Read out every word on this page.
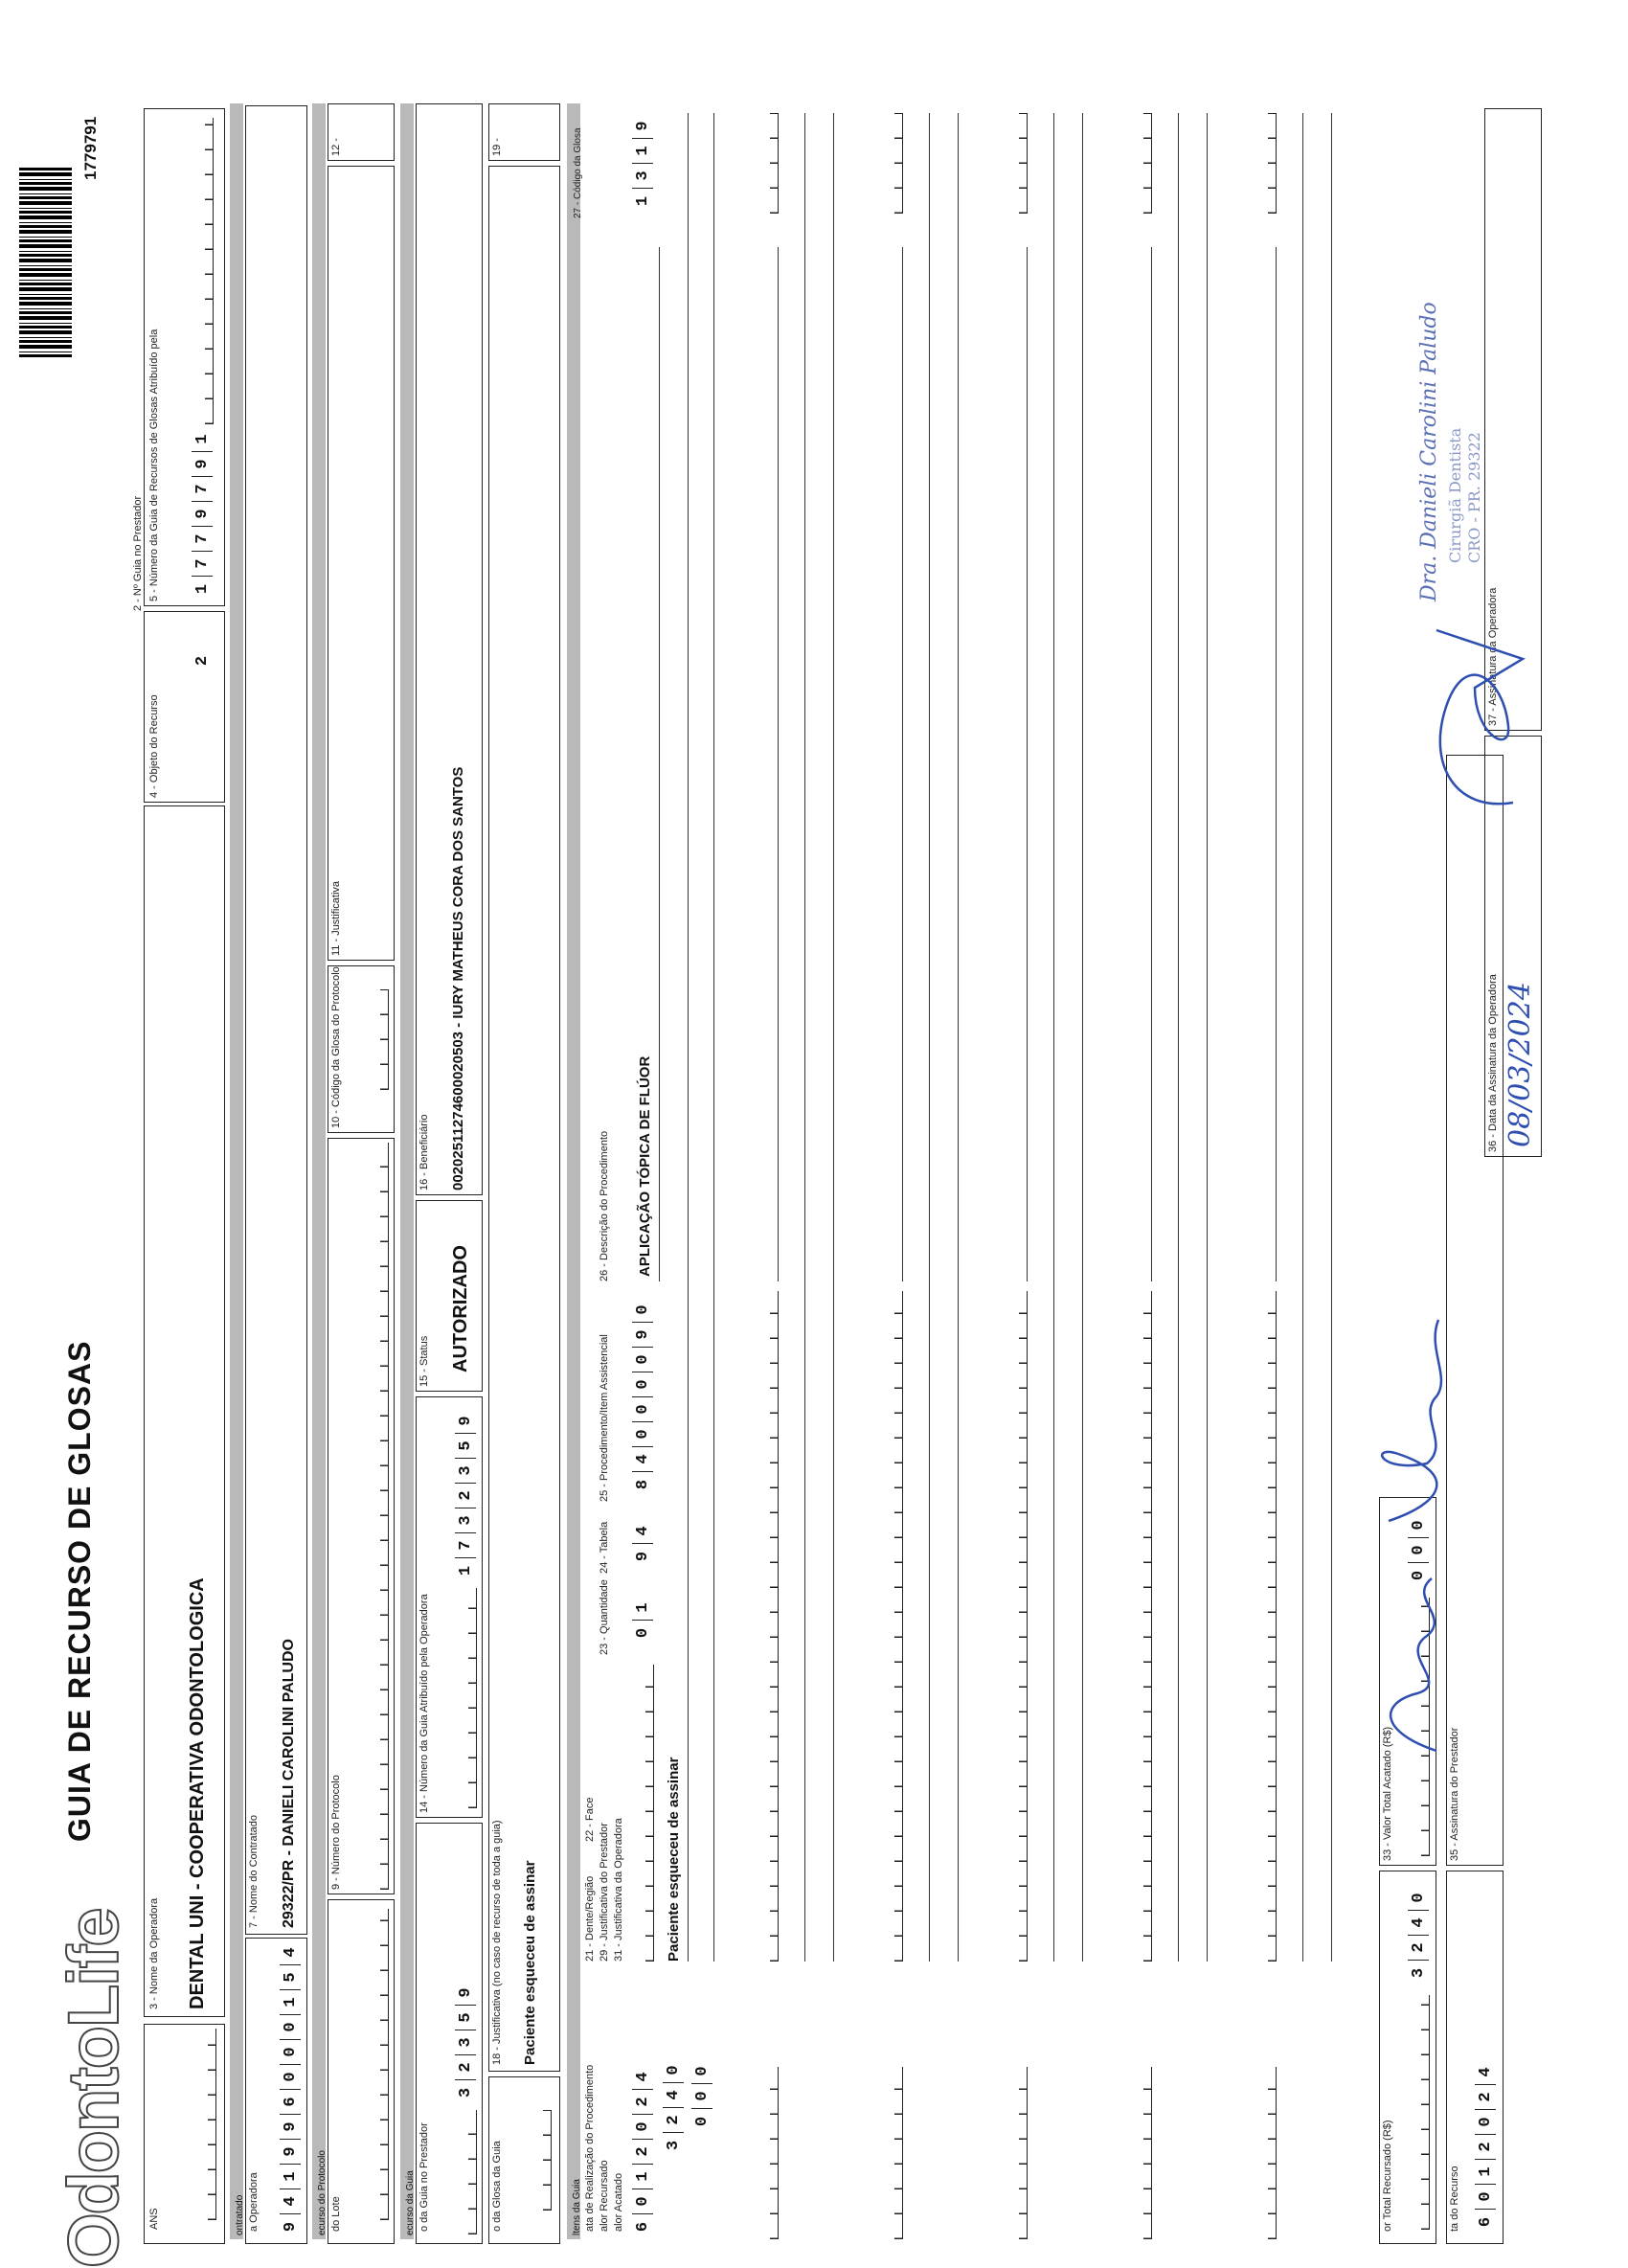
OdontoLife
GUIA DE RECURSO DE GLOSAS
1779791
2 - Nº Guia no Prestador
ANS
3 - Nome da Operadora DENTAL UNI - COOPERATIVA ODONTOLOGICA
4 - Objeto do Recurso
2
5 - Número da Guia de Recursos de Glosas Atribuído pela 1
7
7
9
7
9
1
ontratado a Operadora 9
4
1
9
9
6
0
0
0
1
5
4
7 - Nome do Contratado 29322/PR - DANIELI CAROLINI PALUDO
ecurso do Protocolo do Lote
9 - Número do Protocolo
10 - Código da Glosa do Protocolo
11 - Justificativa
12 -
ecurso da Guia o da Guia no Prestador
3
2
3
5
9
14 - Número da Guia Atribuído pela Operadora
1
7
3
2
3
5
9
15 - Status AUTORIZADO
16 - Beneficiário 00202511274600020503 - IURY MATHEUS CORA DOS SANTOS
o da Glosa da Guia
18 - Justificativa (no caso de recurso de toda a guia) Paciente esqueceu de assinar
19 -
ltens da Guia ata de Realização do Procedimento alor Recursado alor Acatado
21 - Dente/Região
22 - Face
29 - Justificativa do Prestador 31 - Justificativa da Operadora
23 - Quantidade
24 - Tabela
25 - Procedimento/Item Assistencial
26 - Descrição do Procedimento
27 - Código da Glosa
6
0
1
2
0
2
4
0
1
9
4
8
4
0
0
0
0
9
0
APLICAÇÃO TÓPICA DE FLÚOR
1
3
1
9
3
2
4
0
Paciente esqueceu de assinar
0
0
0
or Total Recursado (R$)
3
2
4
0
33 - Valor Total Acatado (R$)
0
0
0
ta do Recurso 6
0
1
2
0
2
4
35 - Assinatura do Prestador
36 - Data da Assinatura da Operadora 08/03/2024
37 - Assinatura da Operadora
Dra. Danieli Carolini Paludo Cirurgiã Dentista CRO - PR. 29322
